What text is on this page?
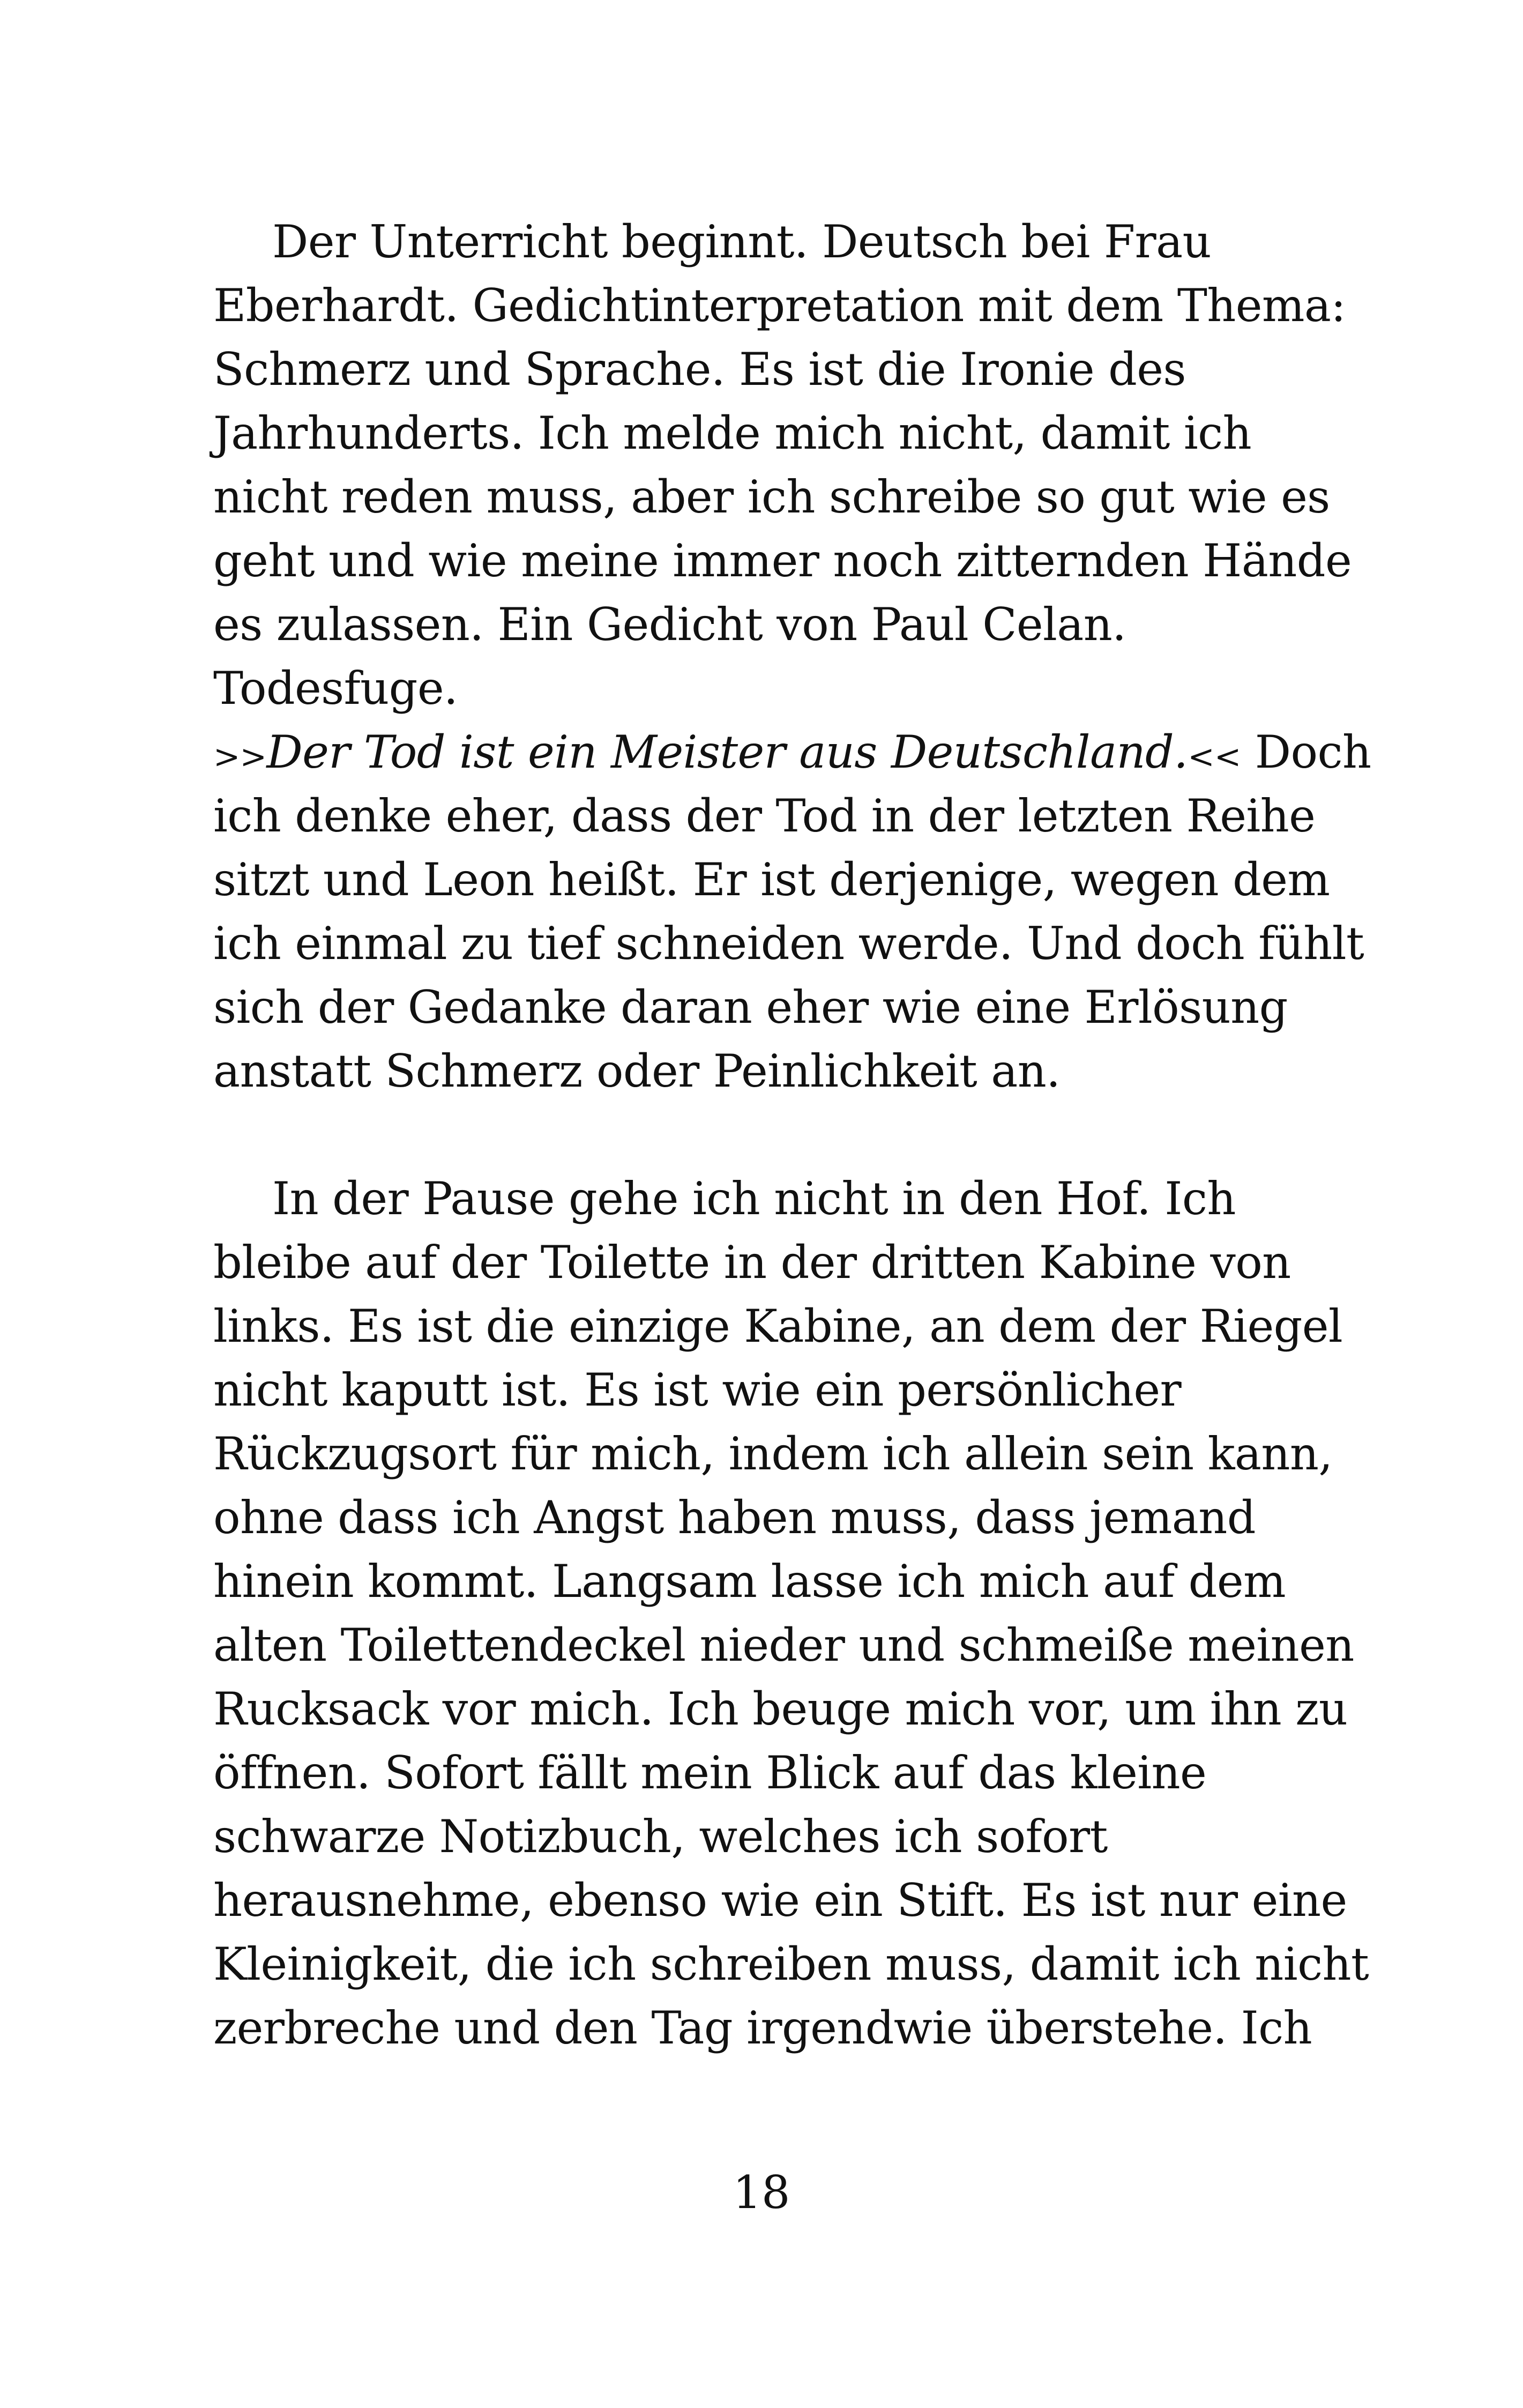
Der Unterricht beginnt. Deutsch bei Frau
Eberhardt. Gedichtinterpretation mit dem Thema:
Schmerz und Sprache. Es ist die Ironie des
Jahrhunderts. Ich melde mich nicht, damit ich
nicht reden muss, aber ich schreibe so gut wie es
geht und wie meine immer noch zitternden Hände
es zulassen. Ein Gedicht von Paul Celan.
Todesfuge.
>>Der Tod ist ein Meister aus Deutschland.<< Doch
ich denke eher, dass der Tod in der letzten Reihe
sitzt und Leon heißt. Er ist derjenige, wegen dem
ich einmal zu tief schneiden werde. Und doch fühlt
sich der Gedanke daran eher wie eine Erlösung
anstatt Schmerz oder Peinlichkeit an.
In der Pause gehe ich nicht in den Hof. Ich
bleibe auf der Toilette in der dritten Kabine von
links. Es ist die einzige Kabine, an dem der Riegel
nicht kaputt ist. Es ist wie ein persönlicher
Rückzugsort für mich, indem ich allein sein kann,
ohne dass ich Angst haben muss, dass jemand
hinein kommt. Langsam lasse ich mich auf dem
alten Toilettendeckel nieder und schmeiße meinen
Rucksack vor mich. Ich beuge mich vor, um ihn zu
öffnen. Sofort fällt mein Blick auf das kleine
schwarze Notizbuch, welches ich sofort
herausnehme, ebenso wie ein Stift. Es ist nur eine
Kleinigkeit, die ich schreiben muss, damit ich nicht
zerbreche und den Tag irgendwie überstehe. Ich
18
